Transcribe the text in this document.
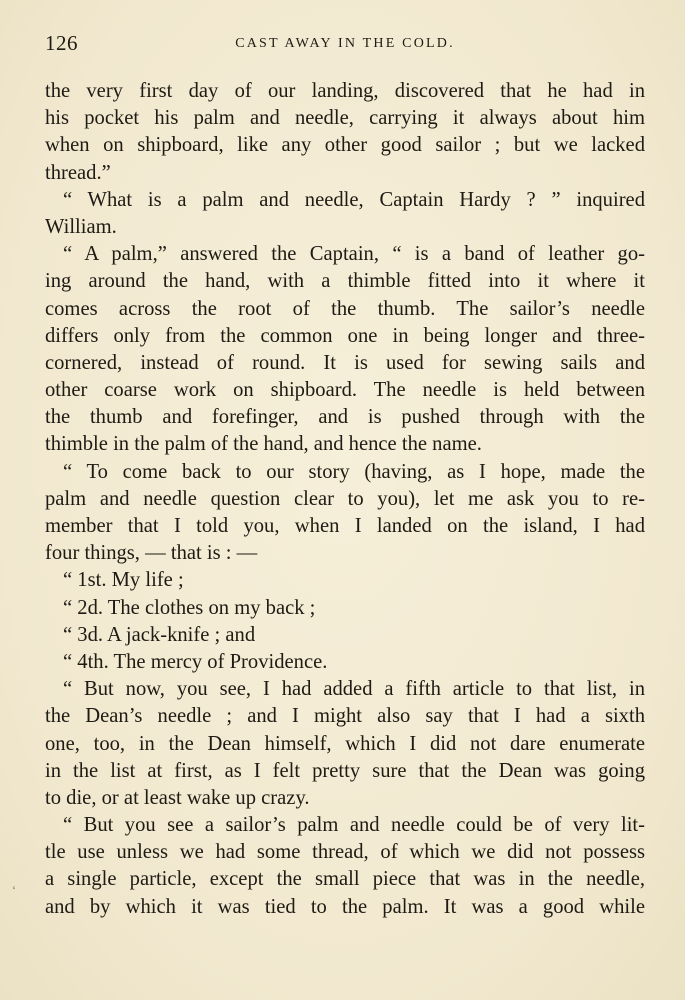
126	CAST AWAY IN THE COLD.
the very first day of our landing, discovered that he had in
his pocket his palm and needle, carrying it always about him
when on shipboard, like any other good sailor ; but we lacked
thread.”
“ What is a palm and needle, Captain Hardy ? ” inquired
William.
“ A palm,” answered the Captain, “ is a band of leather go-
ing around the hand, with a thimble fitted into it where it
comes across the root of the thumb. The sailor’s needle
differs only from the common one in being longer and three-
cornered, instead of round. It is used for sewing sails and
other coarse work on shipboard. The needle is held between
the thumb and forefinger, and is pushed through with the
thimble in the palm of the hand, and hence the name.
“ To come back to our story (having, as I hope, made the
palm and needle question clear to you), let me ask you to re-
member that I told you, when I landed on the island, I had
four things, — that is : —
“ 1st. My life ;
“ 2d. The clothes on my back ;
“ 3d. A jack-knife ; and
“ 4th. The mercy of Providence.
“ But now, you see, I had added a fifth article to that list, in
the Dean’s needle ; and I might also say that I had a sixth
one, too, in the Dean himself, which I did not dare enumerate
in the list at first, as I felt pretty sure that the Dean was going
to die, or at least wake up crazy.
“ But you see a sailor’s palm and needle could be of very lit-
tle use unless we had some thread, of which we did not possess
a single particle, except the small piece that was in the needle,
and by which it was tied to the palm. It was a good while
ʻ
